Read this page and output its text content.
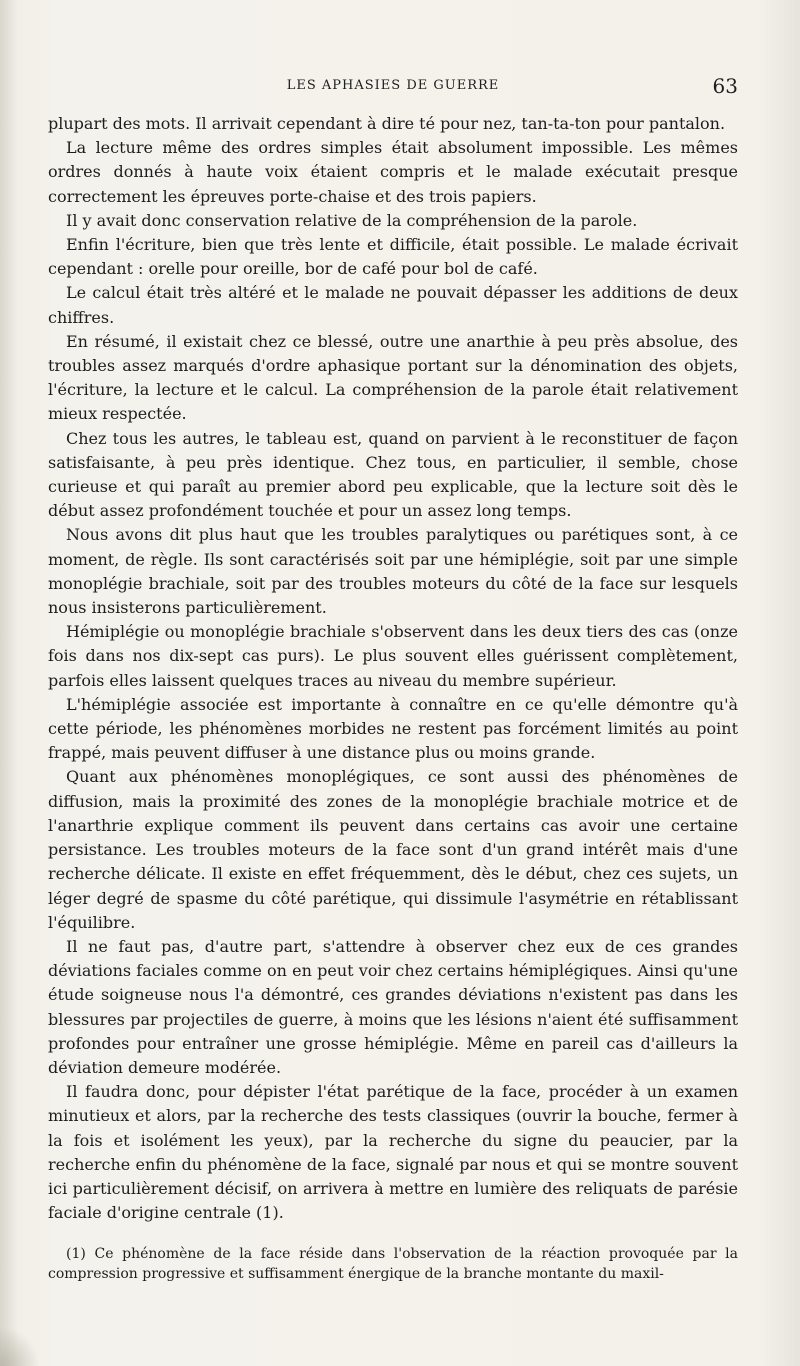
LES APHASIES DE GUERRE	63

plupart des mots. Il arrivait cependant à dire té pour nez, tan-ta-ton pour pantalon.

La lecture même des ordres simples était absolument impossible. Les mêmes ordres donnés à haute voix étaient compris et le malade exécutait presque correctement les épreuves porte-chaise et des trois papiers.

Il y avait donc conservation relative de la compréhension de la parole.

Enfin l'écriture, bien que très lente et difficile, était possible. Le malade écrivait cependant : orelle pour oreille, bor de café pour bol de café.

Le calcul était très altéré et le malade ne pouvait dépasser les additions de deux chiffres.

En résumé, il existait chez ce blessé, outre une anarthie à peu près absolue, des troubles assez marqués d'ordre aphasique portant sur la dénomination des objets, l'écriture, la lecture et le calcul. La compréhension de la parole était relativement mieux respectée.

Chez tous les autres, le tableau est, quand on parvient à le reconstituer de façon satisfaisante, à peu près identique. Chez tous, en particulier, il semble, chose curieuse et qui paraît au premier abord peu explicable, que la lecture soit dès le début assez profondément touchée et pour un assez long temps.

Nous avons dit plus haut que les troubles paralytiques ou parétiques sont, à ce moment, de règle. Ils sont caractérisés soit par une hémiplégie, soit par une simple monoplégie brachiale, soit par des troubles moteurs du côté de la face sur lesquels nous insisterons particulièrement.

Hémiplégie ou monoplégie brachiale s'observent dans les deux tiers des cas (onze fois dans nos dix-sept cas purs). Le plus souvent elles guérissent complètement, parfois elles laissent quelques traces au niveau du membre supérieur.

L'hémiplégie associée est importante à connaître en ce qu'elle démontre qu'à cette période, les phénomènes morbides ne restent pas forcément limités au point frappé, mais peuvent diffuser à une distance plus ou moins grande.

Quant aux phénomènes monoplégiques, ce sont aussi des phénomènes de diffusion, mais la proximité des zones de la monoplégie brachiale motrice et de l'anarthrie explique comment ils peuvent dans certains cas avoir une certaine persistance. Les troubles moteurs de la face sont d'un grand intérêt mais d'une recherche délicate. Il existe en effet fréquemment, dès le début, chez ces sujets, un léger degré de spasme du côté parétique, qui dissimule l'asymétrie en rétablissant l'équilibre.

Il ne faut pas, d'autre part, s'attendre à observer chez eux de ces grandes déviations faciales comme on en peut voir chez certains hémiplégiques. Ainsi qu'une étude soigneuse nous l'a démontré, ces grandes déviations n'existent pas dans les blessures par projectiles de guerre, à moins que les lésions n'aient été suffisamment profondes pour entraîner une grosse hémiplégie. Même en pareil cas d'ailleurs la déviation demeure modérée.

Il faudra donc, pour dépister l'état parétique de la face, procéder à un examen minutieux et alors, par la recherche des tests classiques (ouvrir la bouche, fermer à la fois et isolément les yeux), par la recherche du signe du peaucier, par la recherche enfin du phénomène de la face, signalé par nous et qui se montre souvent ici particulièrement décisif, on arrivera à mettre en lumière des reliquats de parésie faciale d'origine centrale (1).

(1) Ce phénomène de la face réside dans l'observation de la réaction provoquée par la compression progressive et suffisamment énergique de la branche montante du maxil-
